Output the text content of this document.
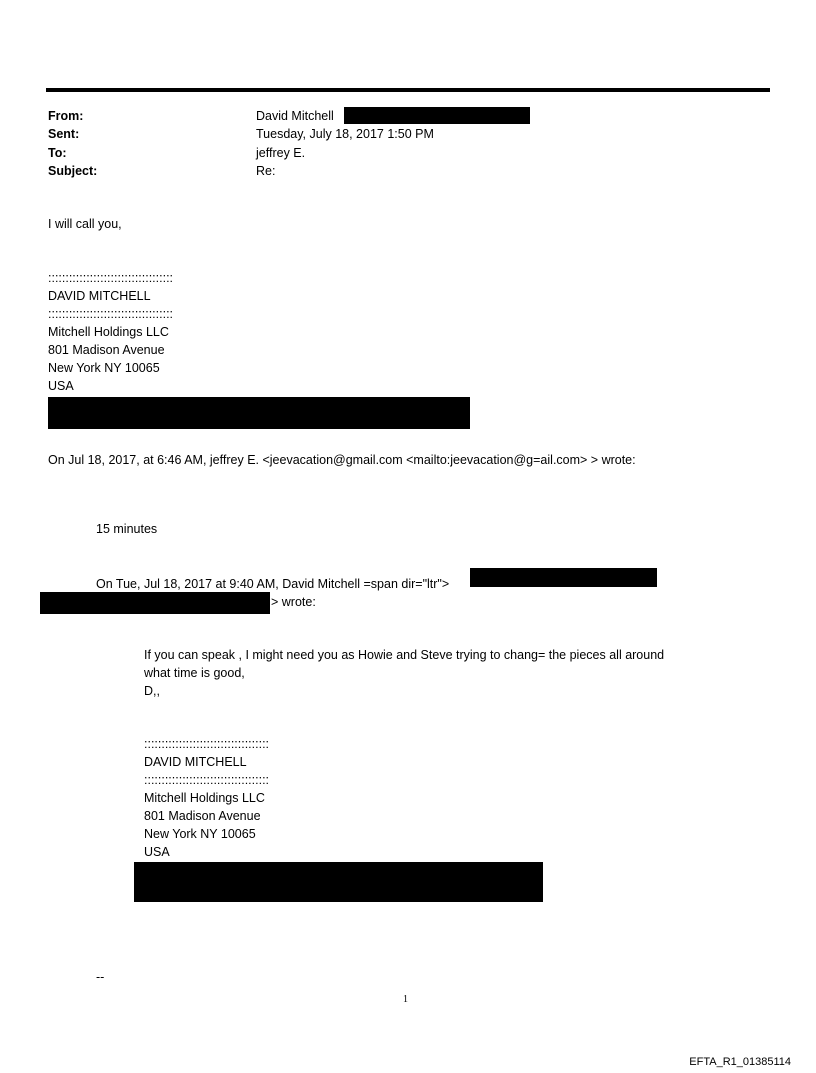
From:	David Mitchell
Sent:	Tuesday, July 18, 2017 1:50 PM
To:	jeffrey E.
Subject:	Re:
I will call you,
::::::::::::::::::::::::::::::::::::
DAVID MITCHELL
::::::::::::::::::::::::::::::::::::
Mitchell Holdings LLC
801 Madison Avenue
New York NY 10065
USA
On Jul 18, 2017, at 6:46 AM, jeffrey E. <jeevacation@gmail.com <mailto:jeevacation@g=ail.com> > wrote:
15 minutes
On Tue, Jul 18, 2017 at 9:40 AM, David Mitchell =span dir="ltr">
> wrote:
If you can speak , I might need you as Howie and Steve trying to chang= the pieces all around
what time is good,
D,,
::::::::::::::::::::::::::::::::::::
DAVID MITCHELL
::::::::::::::::::::::::::::::::::::
Mitchell Holdings LLC
801 Madison Avenue
New York NY 10065
USA
--
1
EFTA_R1_01385114
